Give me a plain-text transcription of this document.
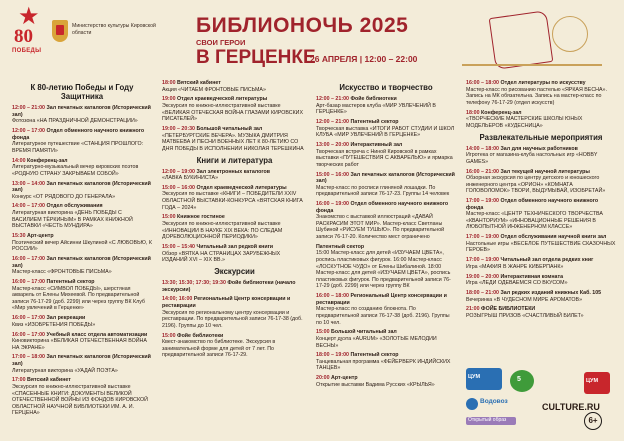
★
80
ПОБЕДЫ
Министерство культуры Кировской области	БИБЛИОНОЧЬ 2025
СВОИ ГЕРОИ
В ГЕРЦЕНКЕ
26 АПРЕЛЯ | 12:00 – 22:00
К 80-летию Победы и Году Защитника
12:00 – 21:00 Зал печатных каталогов (Исторический зал)
Фотозона «НА ПРАЗДНИЧНОЙ ДЕМОНСТРАЦИИ»
12:00 – 17:00 Отдел обменного научного книжного фонда
Литературное путешествие «СТАНЦИЯ ПРОШЛОГО: ВРЕМЯ ПАМЯТИ»
14:00 Конференц-зал
Литературно-музыкальный вечер кировских поэтов «РОДНУЮ СТРАНУ ЗАКРЫВАЕМ СОБОЙ»
13:00 – 14:00 Зал печатных каталогов (Исторический зал)
Конкурс «ОТ РЯДОВОГО ДО ГЕНЕРАЛА»
14:00 – 17:00 Отдел обслуживания
Литературная викторина «ДЕНЬ ПОБЕДЫ С ВАСИЛИЕМ ТЁРКИНЫМ» В РАМКАХ КНИЖНОЙ ВЫСТАВКИ «ЧЕСТЬ МУНДИРА»
15:30 Арт-центр
Поэтический вечер Айсинни Шкулиной «С ЛЮБОВЬЮ, К РОССИИ»
16:00 – 17:00 Зал печатных каталогов (Исторический зал)
Мастер-класс «ФРОНТОВЫЕ ПИСЬМА»
16:00 – 17:00 Патентный сектор
Мастер-класс «СИМВОЛ ПОБЕДЫ», шерстяная акварель от Елены Михеевой. По предварительной записи 76-17-29 (доб. 2299) или через группу ВК Клуб «Мир увлечений в Герценке»
16:00 – 17:00 Зал рекреации
Квиз «ИЗОБРЕТЕНИЯ ПОБЕДЫ»
16:00 – 17:00 Учебный класс отдела автоматизации
Киновикторина «ВЕЛИКАЯ ОТЕЧЕСТВЕННАЯ ВОЙНА НА ЭКРАНЕ»
17:00 – 18:00 Зал печатных каталогов (Исторический зал)
Литературная викторина «УАДАЙ ПОЭТА»
17:00 Вятский кабинет
Экскурсия по книжно-иллюстративной выставке «СПАСЕННЫЕ КНИГИ: ДОКУМЕНТЫ ВЕЛИКОЙ ОТЕЧЕСТВЕННОЙ ВОЙНЫ ИЗ ФОНДОВ КИРОВСКОЙ ОБЛАСТНОЙ НАУЧНОЙ БИБЛИОТЕКИ ИМ. А. И. ГЕРЦЕНА»
18:00 Вятский кабинет
Акция «ЧИТАЕМ ФРОНТОВЫЕ ПИСЬМА»
19:00 Отдел краеведческой литературы
Экскурсия по книжно-иллюстративной выставке «ВЕЛИКАЯ ОТЕЧЕСКАЯ ВОЙНА ГЛАЗАМИ КИРОВСКИХ ПИСАТЕЛЕЙ»
19:00 – 20:30 Большой читальный зал
«ПЕТЕРБУРГСКИЕ ВЕЧЕРА». МУЗЫКА ДМИТРИЯ МАТВЕЕВА И ПЕСНИ ВОЕННЫХ ЛЕТ К 80-ЛЕТИЮ СО ДНЯ ПОБЕДЫ В ИСПОЛНЕНИИ НИКОЛАЯ ТЕРЕШКИНА
Книги и литература
12:00 – 19:00 Зал электронных каталогов
«ЛАВКА БУКИНИСТА»
15:00 – 16:00 Отдел краеведческой литературы
Экскурсия по выставке «КНИГИ – ПОБЕДИТЕЛИ XXIV ОБЛАСТНОЙ ВЫСТАВКИ-КОНКУРСА «ВЯТСКАЯ КНИГА ГОДА – 2024»
15:00 Книжное гостиное
Экскурсия по книжно-иллюстративной выставке «ИННОВАЦИИ В НАУКЕ XIX ВЕКА: ПО СЛЕДАМ ДОРЕВОЛЮЦИОННОЙ ПЕРИОДИКИ»
15:00 – 15:40 Читальный зал редкой книги
Обзор «ВЯТКА НА СТРАНИЦАХ ЗАРУБЕЖНЫХ ИЗДАНИЙ XVI – XIX ВВ.»
Экскурсии
13:30; 15:30; 17:30; 19:30 Фойе библиотеки (начало экскурсии)
14:00; 16:00 Региональный Центр консервации и реставрации
Экскурсия по региональному центру консервации и реставрации. По предварительной записи 76-17-38 (доб. 2196). Группы до 10 чел.
15:00 Фойе библиотеки
Квест-знакомство по библиотеке. Экскурсия в занимательной форме для детей от 7 лет. По предварительной записи 76-17-29.
Искусство и творчество
12:00 – 21:00 Фойе библиотеки
Арт-базар мастеров клуба «МИР УВЛЕЧЕНИЙ В ГЕРЦЕНКЕ»
12:00 – 21:00 Патентный сектор
Творческая выставка «ИТОГИ РАБОТ СТУДИИ И ШКОЛ КЛУБА «МИР УВЛЕЧЕНИЙ В ГЕРЦЕНКЕ»
13:00 – 20:00 Интерактивный зал
Творческая встреча с Ниной Кировской в рамках выставки «ПУТЕШЕСТВИЯ С АКВАРЕЛЬЮ» и ярмарка творческих работ
15:00 – 16:00 Зал печатных каталогов (Исторический зал)
Мастер-класс по росписи глиняной лошадки. По предварительной записи 76-17-23. Группы 14 человек
16:00 – 19:00 Отдел обменного научного книжного фонда
Знакомство с выставкой иллюстраций «ДАВАЙ РАСКРАСИМ ЭТОТ МИР». Мастер-класс Светланы Шубиной «РИСУЕМ ТУШЬЮ». По предварительной записи 76-17-20. Количество мест ограничено
Патентный сектор
15:00 Мастер-класс для детей «ИЗУЧАЕМ ЦВЕТА», роспись пластиковых фигурок. 16:00 Мастер-класс «ЛОСКУТНОЕ ЧУДО» от Елены Шибалиной. 18:00 Мастер-класс для детей «ИЗУЧАЕМ ЦВЕТА», роспись пластиковых фигурок. По предварительной записи 76-17-29 (доб. 2299) или через группу ВК
16:00 – 18:00 Региональный Центр консервации и реставрации
Мастер-класс по созданию блокнота. По предварительной записи 76-17-38 (доб. 2196). Группы по 10 чел.
15:00 Большой читальный зал
Концерт дуэта «AURUM» «ЗОЛОТЫЕ МЕЛОДИИ ВЕСНЫ»
18:00 – 19:00 Патентный сектор
Танцевальная программа «ФЕЙЕРВЕРК ИНДИЙСКИХ ТАНЦЕВ»
20:00 Арт-центр
Открытие выставки Вадима Русских «КРЫЛЬЯ»
16:00 – 18:00 Отдел литературы по искусству
Мастер-класс по рисованию пастелью «ЯРКАЯ ВЕСНА». Запись на МК обязательна. Запись на мастер-класс по телефону 76-17-29 (отдел искусств)
18:00 Конференц-зал
«ТВОРЧЕСКИЕ МАСТЕРСКИЕ ШКОЛЫ ЮНЫХ МОДЕЛЬЕРОВ «КУДЕСНИЦА»
Развлекательные мероприятия
14:00 – 18:00 Зал для научных работников
Игротека от магазина-клуба настольных игр «HOBBY GAMES»
16:00 – 21:00 Зал текущей научной литературы
Обзорная экскурсия по центру детского и юношеского инженерного центра «ОРИОН» «КОМНАТА ГОЛОВОЛОМОК» ТВОРИ, ВЫДУМЫВАЙ, ИЗОБРЕТАЙ»
17:00 – 19:00 Отдел обменного научного книжного фонда
Мастер-класс «ЦЕНТР ТЕХНИЧЕСКОГО ТВОРЧЕСТВА «КВАНТОРИУМ» «ИННОВАЦИОННЫЕ РЕШЕНИЯ В ЛЮБОПЫТНОЙ ИНЖЕНЕРНОМ КЛАССЕ»
17:00 – 19:00 Отдел обслуживания научной книги зал
Настольные игры «ВЕСЕЛОЕ ПУТЕШЕСТВИЕ СКАЗОЧНЫХ ГЕРОЕВ»
17:00 – 19:00 Читальный зал отдела редких книг
Игра «МАФИЯ В ЖАНРЕ КИБЕРПАНК»
19:00 – 20:00 Интерактивная комната
Игра «ЛЕДИ ОДЕВАЕМСЯ СО ВКУСОМ»
18:00 – 21:00 Зал редких изданий книжных Каб. 105
Вечеринка «В ЧУДЕСНОМ МИРЕ АРОМАТОВ»
21:00 ФОЙЕ БИБЛИОТЕКИ
РОЗЫГРЫШ ПРИЗОВ «СЧАСТЛИВЫЙ БИЛЕТ»
ЦУМ	5	ЦУМ
Водовоз
CULTURE.RU
Открытый образ	6+
